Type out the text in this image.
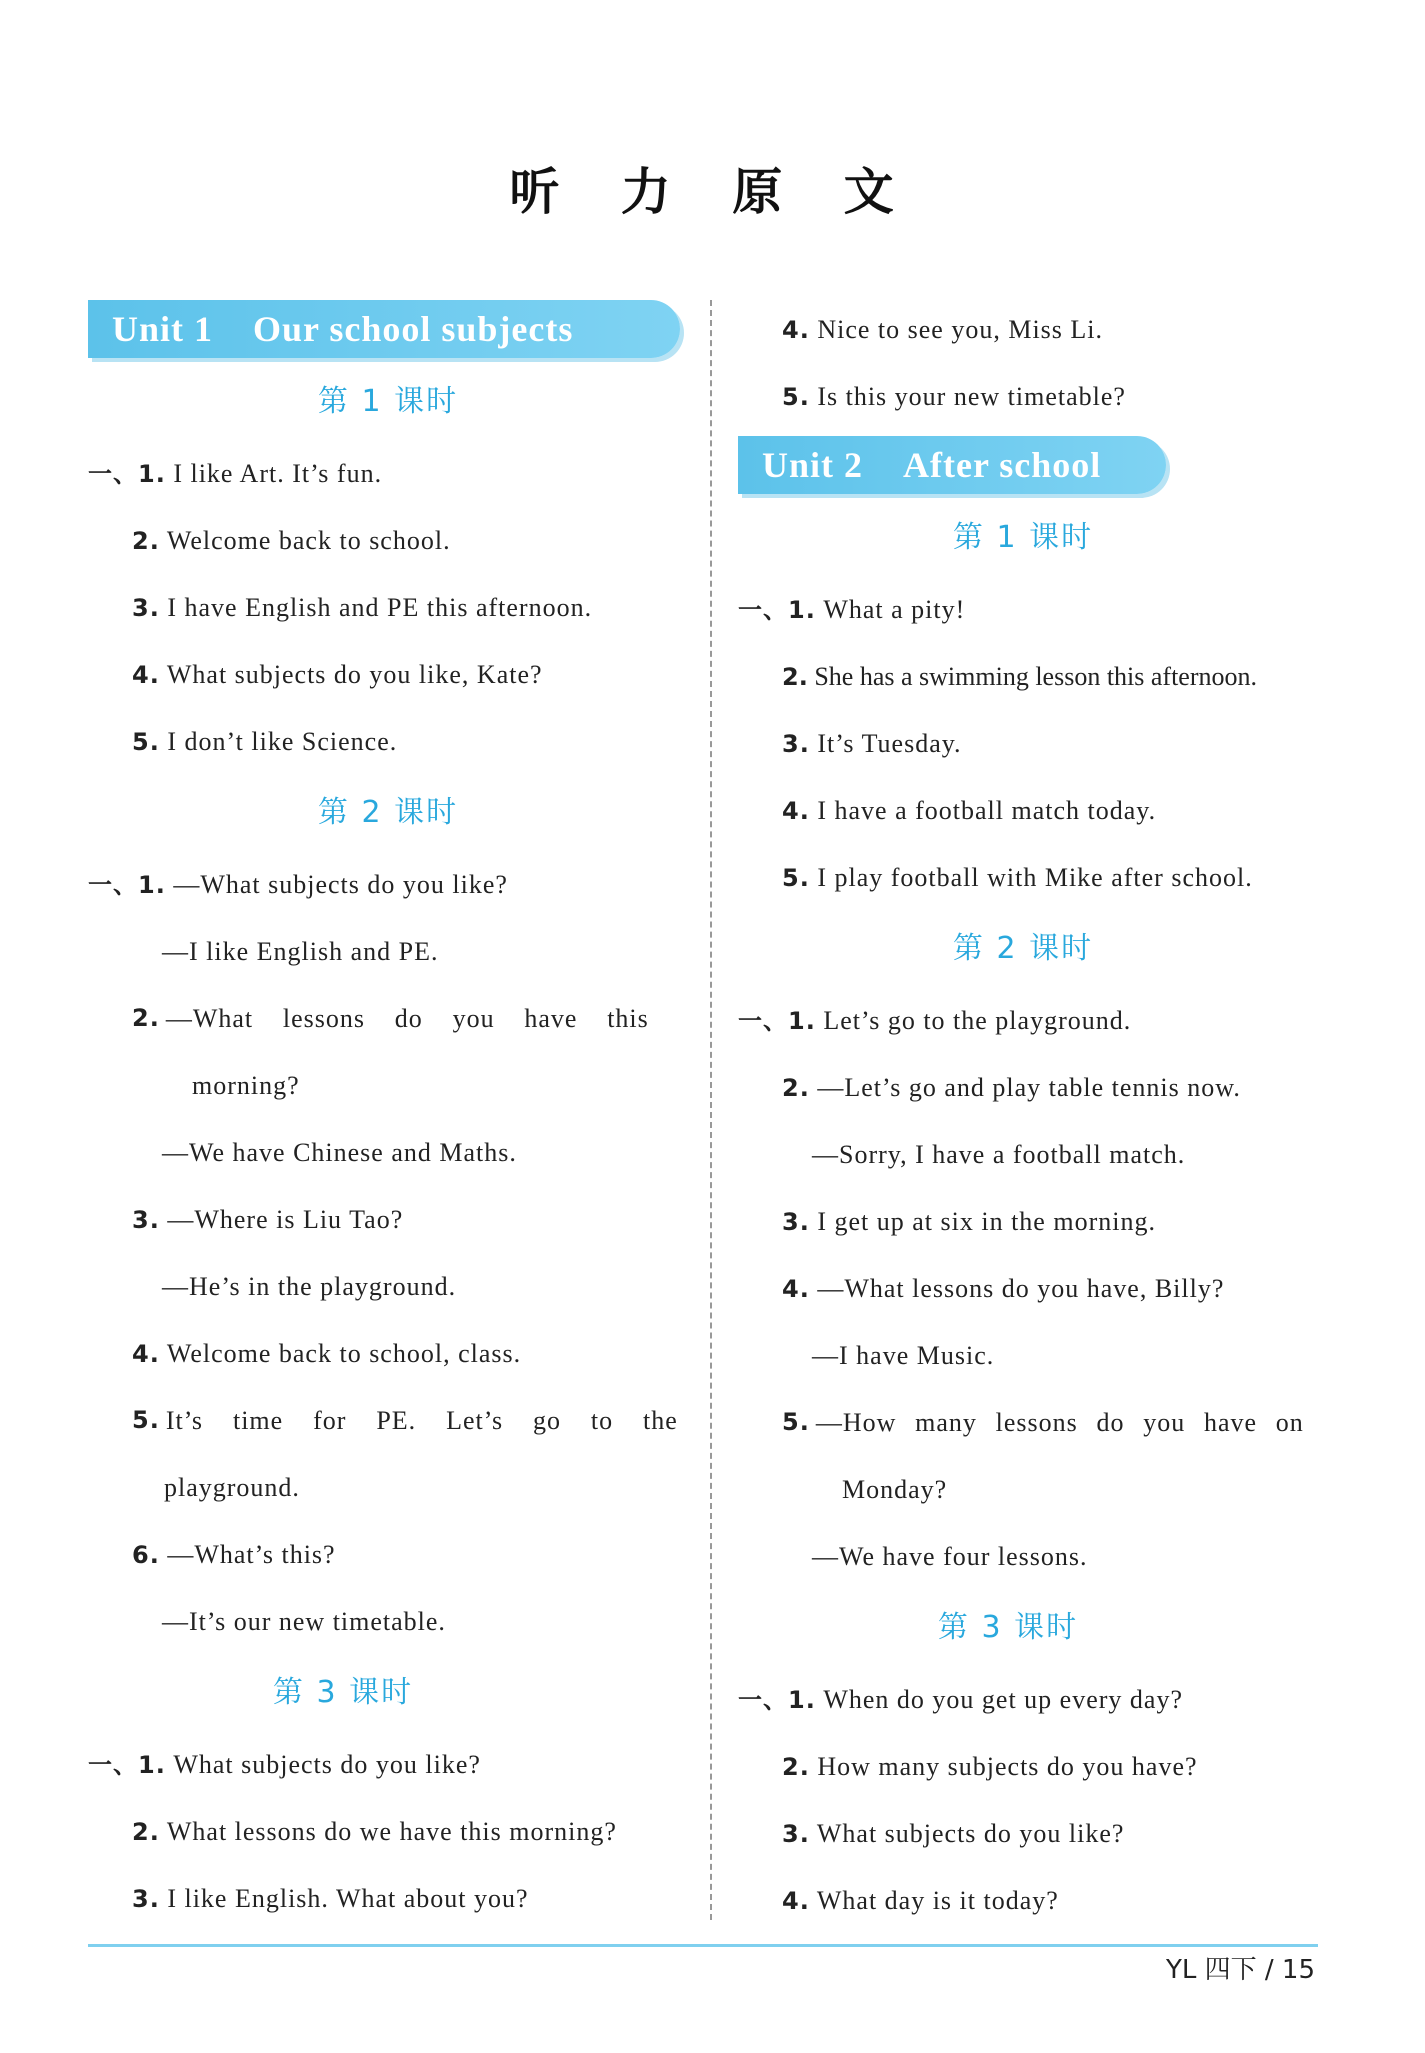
听 力 原 文
Unit 1 Our school subjects
第 1 课时
一、1. I like Art. It’s fun.
2. Welcome back to school.
3. I have English and PE this afternoon.
4. What subjects do you like, Kate?
5. I don’t like Science.
第 2 课时
一、1. —What subjects do you like?
—I like English and PE.
2. —What lessons do you have this
morning?
—We have Chinese and Maths.
3. —Where is Liu Tao?
—He’s in the playground.
4. Welcome back to school, class.
5. It’s time for PE. Let’s go to the
playground.
6. —What’s this?
—It’s our new timetable.
第 3 课时
一、1. What subjects do you like?
2. What lessons do we have this morning?
3. I like English. What about you?
4. Nice to see you, Miss Li.
5. Is this your new timetable?
Unit 2 After school
第 1 课时
一、1. What a pity!
2. She has a swimming lesson this afternoon.
3. It’s Tuesday.
4. I have a football match today.
5. I play football with Mike after school.
第 2 课时
一、1. Let’s go to the playground.
2. —Let’s go and play table tennis now.
—Sorry, I have a football match.
3. I get up at six in the morning.
4. —What lessons do you have, Billy?
—I have Music.
5. —How many lessons do you have on
Monday?
—We have four lessons.
第 3 课时
一、1. When do you get up every day?
2. How many subjects do you have?
3. What subjects do you like?
4. What day is it today?
YL 四下 / 15
